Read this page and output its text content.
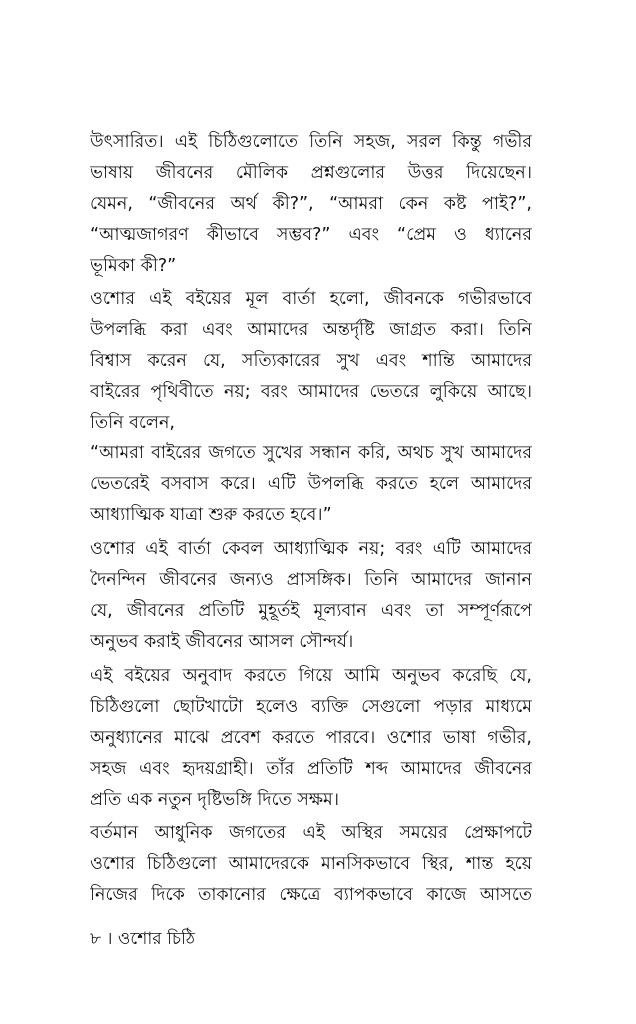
উৎসারিত। এই চিঠিগুলোতে তিনি সহজ, সরল কিন্তু গভীর
ভাষায় জীবনের মৌলিক প্রশ্নগুলোর উত্তর দিয়েছেন।
যেমন, “জীবনের অর্থ কী?”, “আমরা কেন কষ্ট পাই?”,
“আত্মজাগরণ কীভাবে সম্ভব?” এবং “প্রেম ও ধ্যানের
ভূমিকা কী?”
ওশোর এই বইয়ের মূল বার্তা হলো, জীবনকে গভীরভাবে
উপলব্ধি করা এবং আমাদের অন্তর্দৃষ্টি জাগ্রত করা। তিনি
বিশ্বাস করেন যে, সত্যিকারের সুখ এবং শান্তি আমাদের
বাইরের পৃথিবীতে নয়; বরং আমাদের ভেতরে লুকিয়ে আছে।
তিনি বলেন,
“আমরা বাইরের জগতে সুখের সন্ধান করি, অথচ সুখ আমাদের
ভেতরেই বসবাস করে। এটি উপলব্ধি করতে হলে আমাদের
আধ্যাত্মিক যাত্রা শুরু করতে হবে।”
ওশোর এই বার্তা কেবল আধ্যাত্মিক নয়; বরং এটি আমাদের
দৈনন্দিন জীবনের জন্যও প্রাসঙ্গিক। তিনি আমাদের জানান
যে, জীবনের প্রতিটি মুহূর্তই মূল্যবান এবং তা সম্পূর্ণরূপে
অনুভব করাই জীবনের আসল সৌন্দর্য।
এই বইয়ের অনুবাদ করতে গিয়ে আমি অনুভব করেছি যে,
চিঠিগুলো ছোটখাটো হলেও ব্যক্তি সেগুলো পড়ার মাধ্যমে
অনুধ্যানের মাঝে প্রবেশ করতে পারবে। ওশোর ভাষা গভীর,
সহজ এবং হৃদয়গ্রাহী। তাঁর প্রতিটি শব্দ আমাদের জীবনের
প্রতি এক নতুন দৃষ্টিভঙ্গি দিতে সক্ষম।
বর্তমান আধুনিক জগতের এই অস্থির সময়ের প্রেক্ষাপটে
ওশোর চিঠিগুলো আমাদেরকে মানসিকভাবে স্থির, শান্ত হয়ে
নিজের দিকে তাকানোর ক্ষেত্রে ব্যাপকভাবে কাজে আসতে
৮ । ওশোর চিঠি
